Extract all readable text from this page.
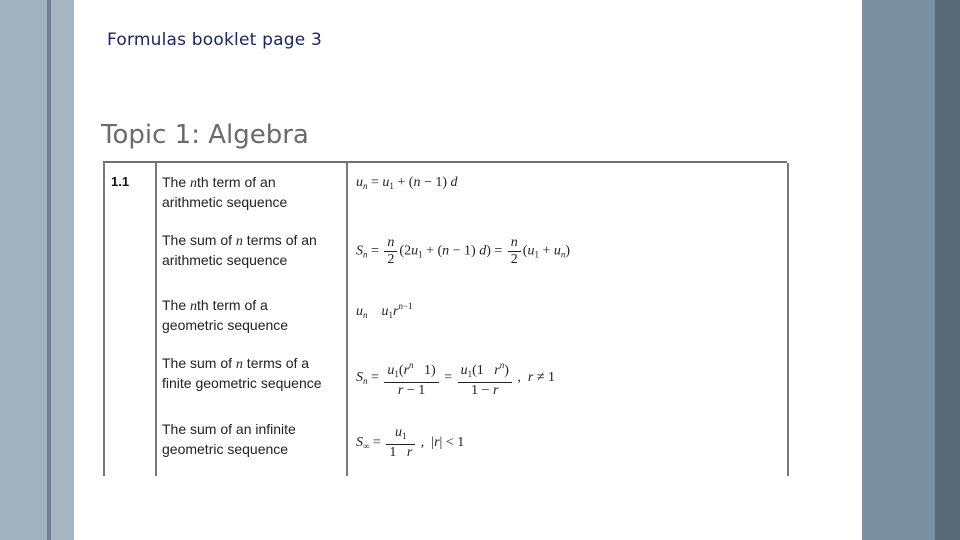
Formulas booklet page 3
Topic 1: Algebra
1.1 The nth term of an
arithmetic sequence
$u_n = u_1 + (n - 1)$ d
The sum of n terms of an
arithmetic sequence
$S_n = \frac{n}{2} (2u_1 + (n - 1) d) = \frac{n}{2} (u_1 + u_n)$
The nth term of a
geometric sequence
$u_n$ $u_1r^{n-1}$
The sum of n terms of a
finite geometric sequence $S_n = \frac{u_1(r^n 1)}{r - 1} = \frac{u_1(1 r^n)}{1 - r}$ ,  r ≠ 1
The sum of an infinite
geometric sequence	$S_\infty = \frac{u_1}{1 r}$ ,  |r| < 1
